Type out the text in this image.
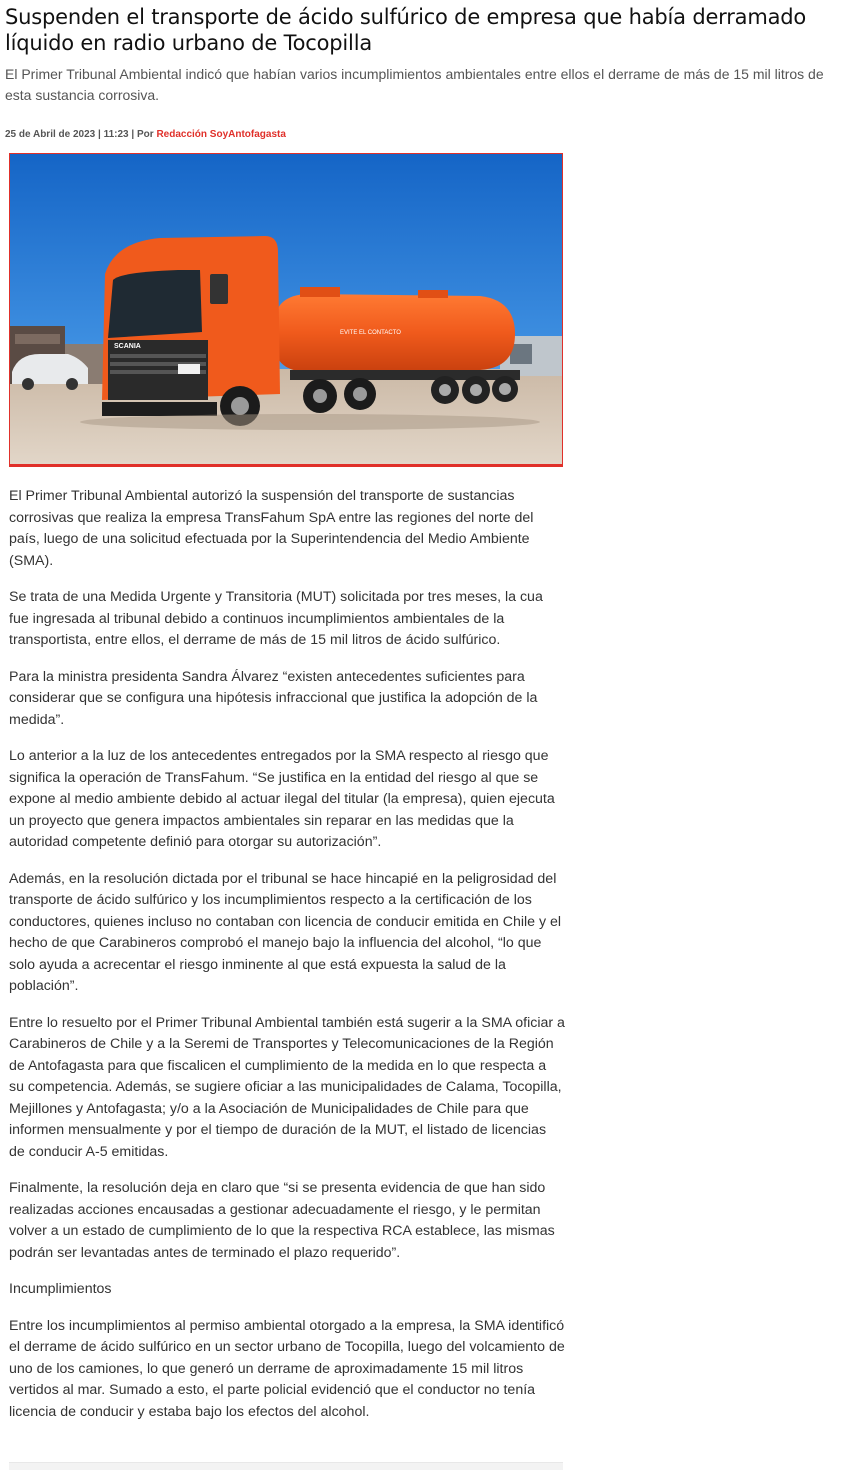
Suspenden el transporte de ácido sulfúrico de empresa que había derramado líquido en radio urbano de Tocopilla

El Primer Tribunal Ambiental indicó que habían varios incumplimientos ambientales entre ellos el derrame de más de 15 mil litros de esta sustancia corrosiva.

25 de Abril de 2023 | 11:23 | Por Redacción SoyAntofagasta
EVITE EL CONTACTO
SCANIA

El Primer Tribunal Ambiental autorizó la suspensión del transporte de sustancias corrosivas que realiza la empresa TransFahum SpA entre las regiones del norte del país, luego de una solicitud efectuada por la Superintendencia del Medio Ambiente (SMA).

Se trata de una Medida Urgente y Transitoria (MUT) solicitada por tres meses, la cua fue ingresada al tribunal debido a continuos incumplimientos ambientales de la transportista, entre ellos, el derrame de más de 15 mil litros de ácido sulfúrico.

Para la ministra presidenta Sandra Álvarez “existen antecedentes suficientes para considerar que se configura una hipótesis infraccional que justifica la adopción de la medida”.

Lo anterior a la luz de los antecedentes entregados por la SMA respecto al riesgo que significa la operación de TransFahum. “Se justifica en la entidad del riesgo al que se expone al medio ambiente debido al actuar ilegal del titular (la empresa), quien ejecuta un proyecto que genera impactos ambientales sin reparar en las medidas que la autoridad competente definió para otorgar su autorización”.

Además, en la resolución dictada por el tribunal se hace hincapié en la peligrosidad del transporte de ácido sulfúrico y los incumplimientos respecto a la certificación de los conductores, quienes incluso no contaban con licencia de conducir emitida en Chile y el hecho de que Carabineros comprobó el manejo bajo la influencia del alcohol, “lo que solo ayuda a acrecentar el riesgo inminente al que está expuesta la salud de la población”.

Entre lo resuelto por el Primer Tribunal Ambiental también está sugerir a la SMA oficiar a Carabineros de Chile y a la Seremi de Transportes y Telecomunicaciones de la Región de Antofagasta para que fiscalicen el cumplimiento de la medida en lo que respecta a su competencia. Además, se sugiere oficiar a las municipalidades de Calama, Tocopilla, Mejillones y Antofagasta; y/o a la Asociación de Municipalidades de Chile para que informen mensualmente y por el tiempo de duración de la MUT, el listado de licencias de conducir A-5 emitidas.

Finalmente, la resolución deja en claro que “si se presenta evidencia de que han sido realizadas acciones encausadas a gestionar adecuadamente el riesgo, y le permitan volver a un estado de cumplimiento de lo que la respectiva RCA establece, las mismas podrán ser levantadas antes de terminado el plazo requerido”.

Incumplimientos

Entre los incumplimientos al permiso ambiental otorgado a la empresa, la SMA identificó el derrame de ácido sulfúrico en un sector urbano de Tocopilla, luego del volcamiento de uno de los camiones, lo que generó un derrame de aproximadamente 15 mil litros vertidos al mar. Sumado a esto, el parte policial evidenció que el conductor no tenía licencia de conducir y estaba bajo los efectos del alcohol.
